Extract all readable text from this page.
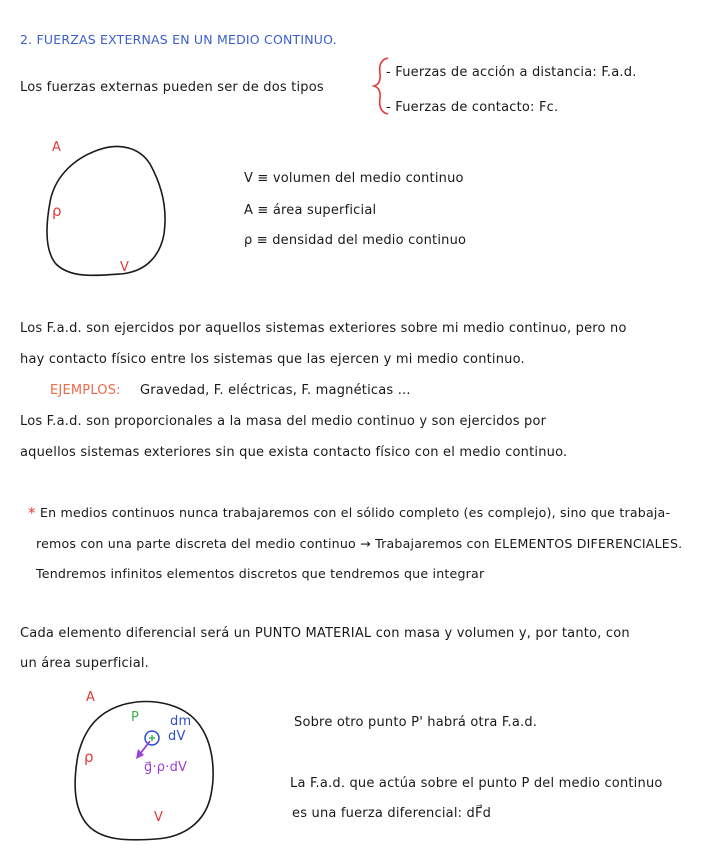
2. FUERZAS EXTERNAS EN UN MEDIO CONTINUO.
Los fuerzas externas pueden ser de dos tipos
- Fuerzas de acción a distancia: F.a.d.
- Fuerzas de contacto: Fc.
A
ρ
V
V ≡ volumen del medio continuo
A ≡ área superficial
ρ ≡ densidad del medio continuo
Los F.a.d. son ejercidos por aquellos sistemas exteriores sobre mi medio continuo, pero no
hay contacto físico entre los sistemas que las ejercen y mi medio continuo.
EJEMPLOS: Gravedad, F. eléctricas, F. magnéticas ...
Los F.a.d. son proporcionales a la masa del medio continuo y son ejercidos por
aquellos sistemas exteriores sin que exista contacto físico con el medio continuo.
* En medios continuos nunca trabajaremos con el sólido completo (es complejo), sino que trabaja-
remos con una parte discreta del medio continuo → Trabajaremos con ELEMENTOS DIFERENCIALES.
Tendremos infinitos elementos discretos que tendremos que integrar
Cada elemento diferencial será un PUNTO MATERIAL con masa y volumen y, por tanto, con
un área superficial.
A
P dm
dV
g⃗·ρ·dV
ρ
V
Sobre otro punto P' habrá otra F.a.d.
La F.a.d. que actúa sobre el punto P del medio continuo
es una fuerza diferencial: dF⃗d
